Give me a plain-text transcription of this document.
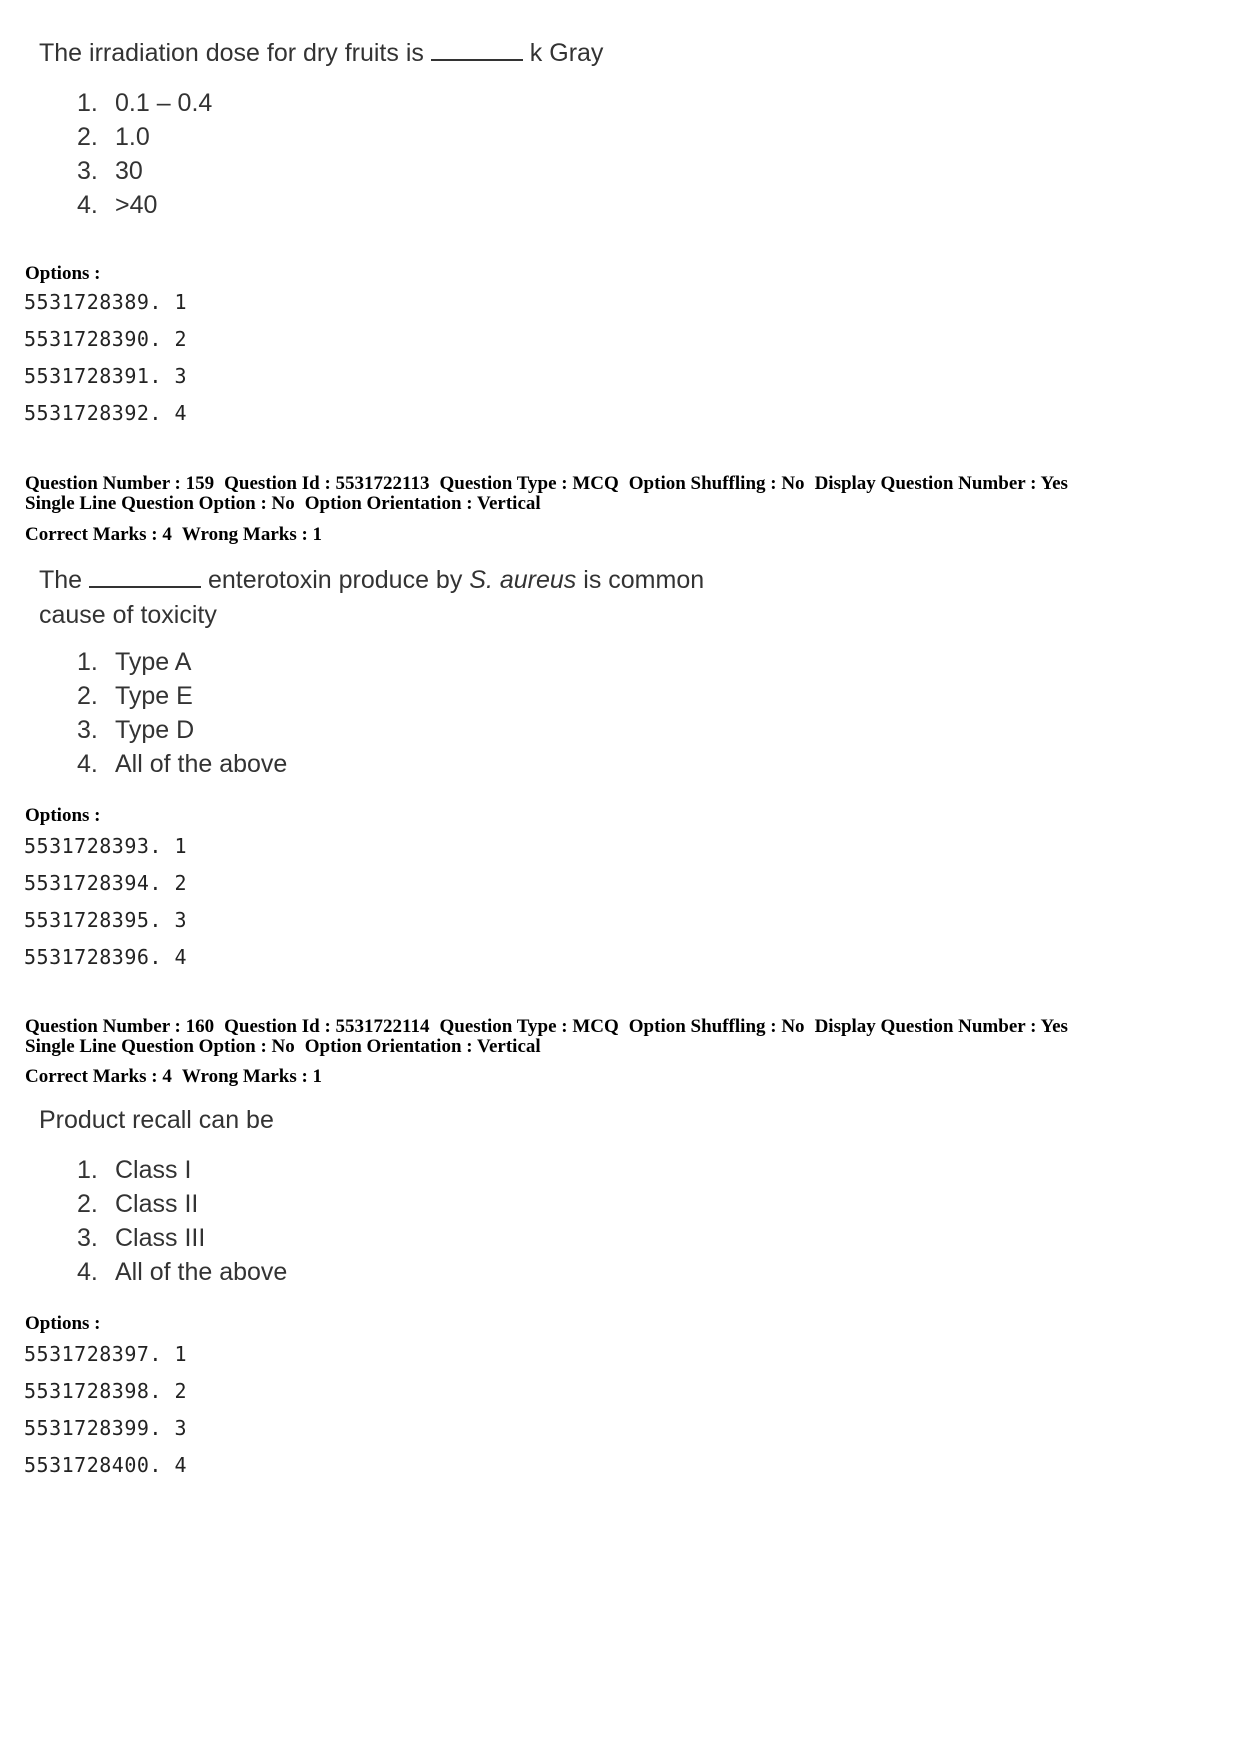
The irradiation dose for dry fruits is	k Gray
1. 0.1 – 0.4
2. 1.0
3. 30
4. >40
Options :
5531728389. 1
5531728390. 2
5531728391. 3
5531728392. 4
Question Number : 159 Question Id : 5531722113 Question Type : MCQ Option Shuffling : No Display Question Number : Yes
Single Line Question Option : No Option Orientation : Vertical
Correct Marks : 4 Wrong Marks : 1
The	enterotoxin produce by S. aureus is common
cause of toxicity
1. Type A
2. Type E
3. Type D
4. All of the above
Options :
5531728393. 1
5531728394. 2
5531728395. 3
5531728396. 4
Question Number : 160 Question Id : 5531722114 Question Type : MCQ Option Shuffling : No Display Question Number : Yes
Single Line Question Option : No Option Orientation : Vertical
Correct Marks : 4 Wrong Marks : 1
Product recall can be
1. Class I
2. Class II
3. Class III
4. All of the above
Options :
5531728397. 1
5531728398. 2
5531728399. 3
5531728400. 4
